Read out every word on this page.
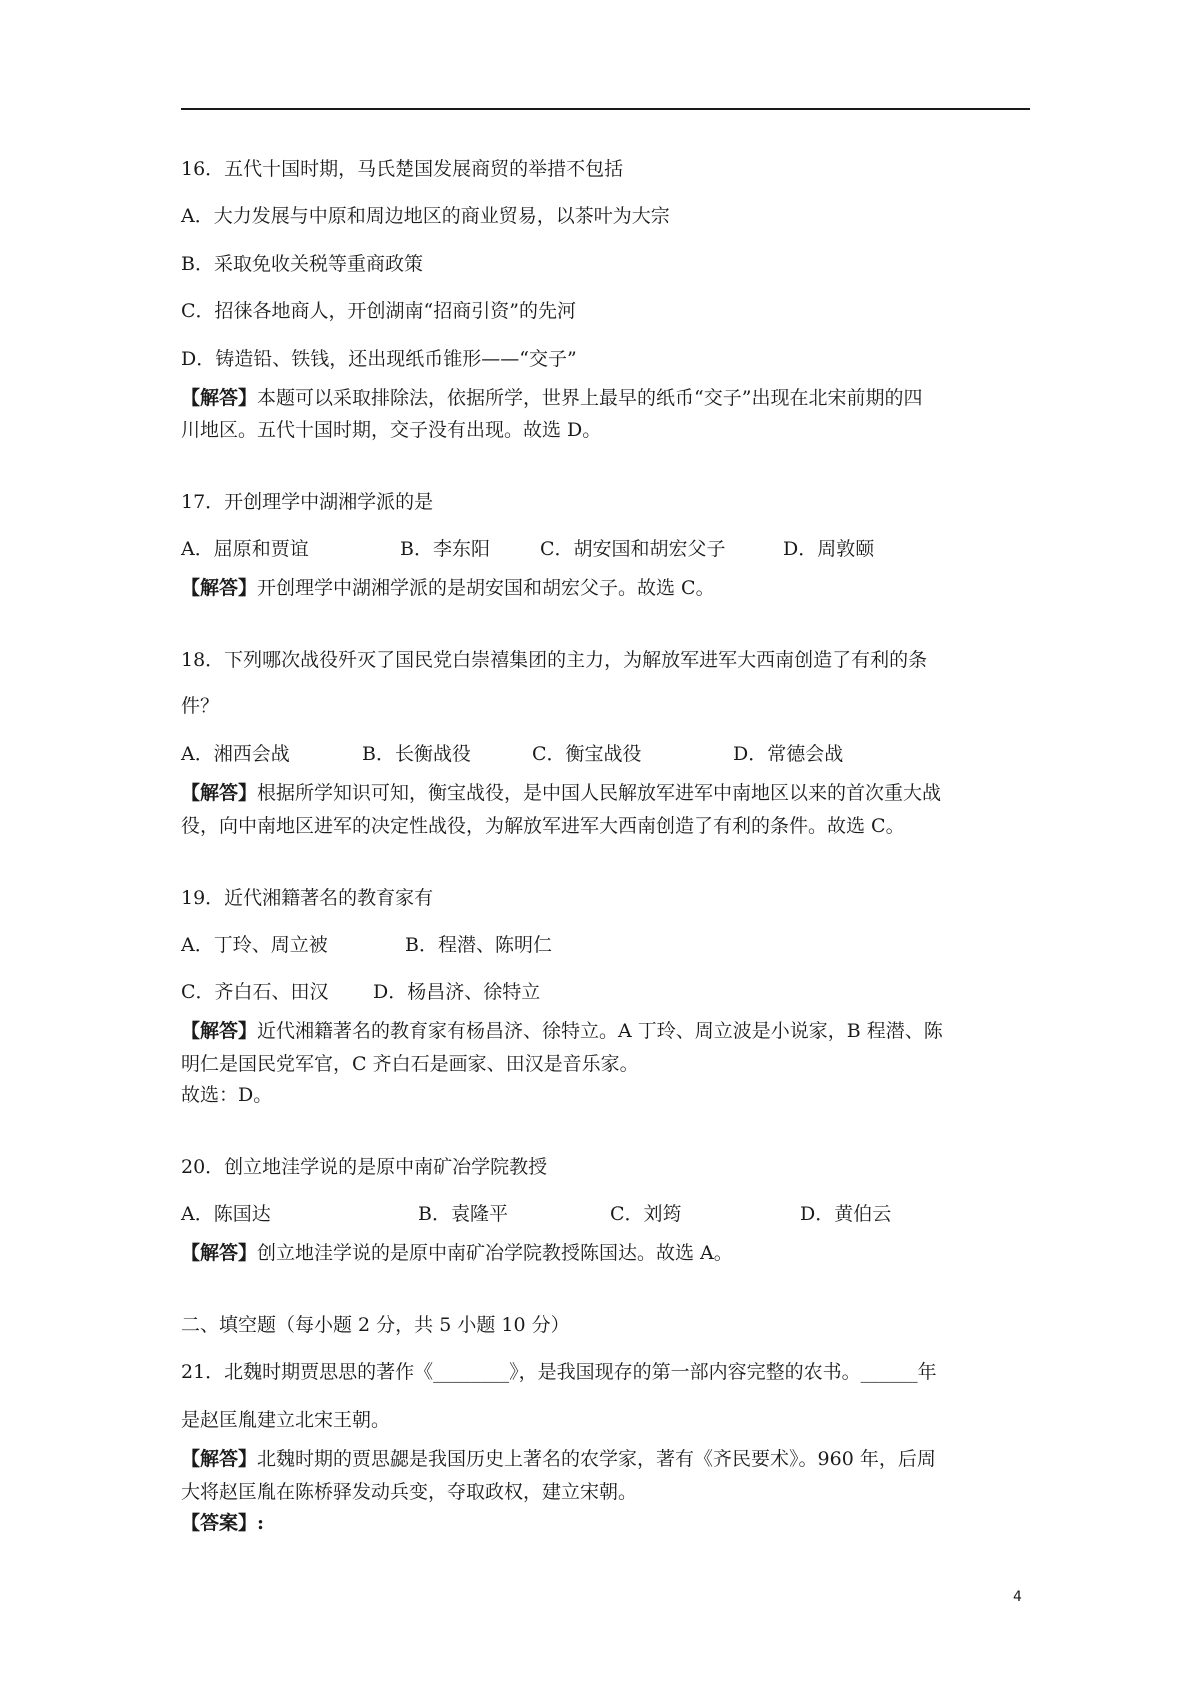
16．五代十国时期，马氏楚国发展商贸的举措不包括
A．大力发展与中原和周边地区的商业贸易，以茶叶为大宗
B．采取免收关税等重商政策
C．招徕各地商人，开创湖南“招商引资”的先河
D．铸造铅、铁钱，还出现纸币锥形——“交子”
【解答】本题可以采取排除法，依据所学，世界上最早的纸币“交子”出现在北宋前期的四
川地区。五代十国时期，交子没有出现。故选 D。
17．开创理学中湖湘学派的是
A．屈原和贾谊	B．李东阳	C．胡安国和胡宏父子	D．周敦颐
【解答】开创理学中湖湘学派的是胡安国和胡宏父子。故选 C。
18．下列哪次战役歼灭了国民党白崇禧集团的主力，为解放军进军大西南创造了有利的条
件？
A．湘西会战	B．长衡战役	C．衡宝战役	D．常德会战
【解答】根据所学知识可知，衡宝战役，是中国人民解放军进军中南地区以来的首次重大战
役，向中南地区进军的决定性战役，为解放军进军大西南创造了有利的条件。故选 C。
19．近代湘籍著名的教育家有
A．丁玲、周立被	B．程潜、陈明仁
C．齐白石、田汉 D．杨昌济、徐特立
【解答】近代湘籍著名的教育家有杨昌济、徐特立。A 丁玲、周立波是小说家，B 程潜、陈
明仁是国民党军官，C 齐白石是画家、田汉是音乐家。
故选：D。
20．创立地洼学说的是原中南矿冶学院教授
A．陈国达	B．袁隆平	C．刘筠	D．黄伯云
【解答】创立地洼学说的是原中南矿冶学院教授陈国达。故选 A。
二、填空题（每小题 2 分，共 5 小题 10 分）
21．北魏时期贾思思的著作《________》，是我国现存的第一部内容完整的农书。______年
是赵匡胤建立北宋王朝。
【解答】北魏时期的贾思勰是我国历史上著名的农学家，著有《齐民要术》。960 年，后周
大将赵匡胤在陈桥驿发动兵变，夺取政权，建立宋朝。
【答案】:
4
